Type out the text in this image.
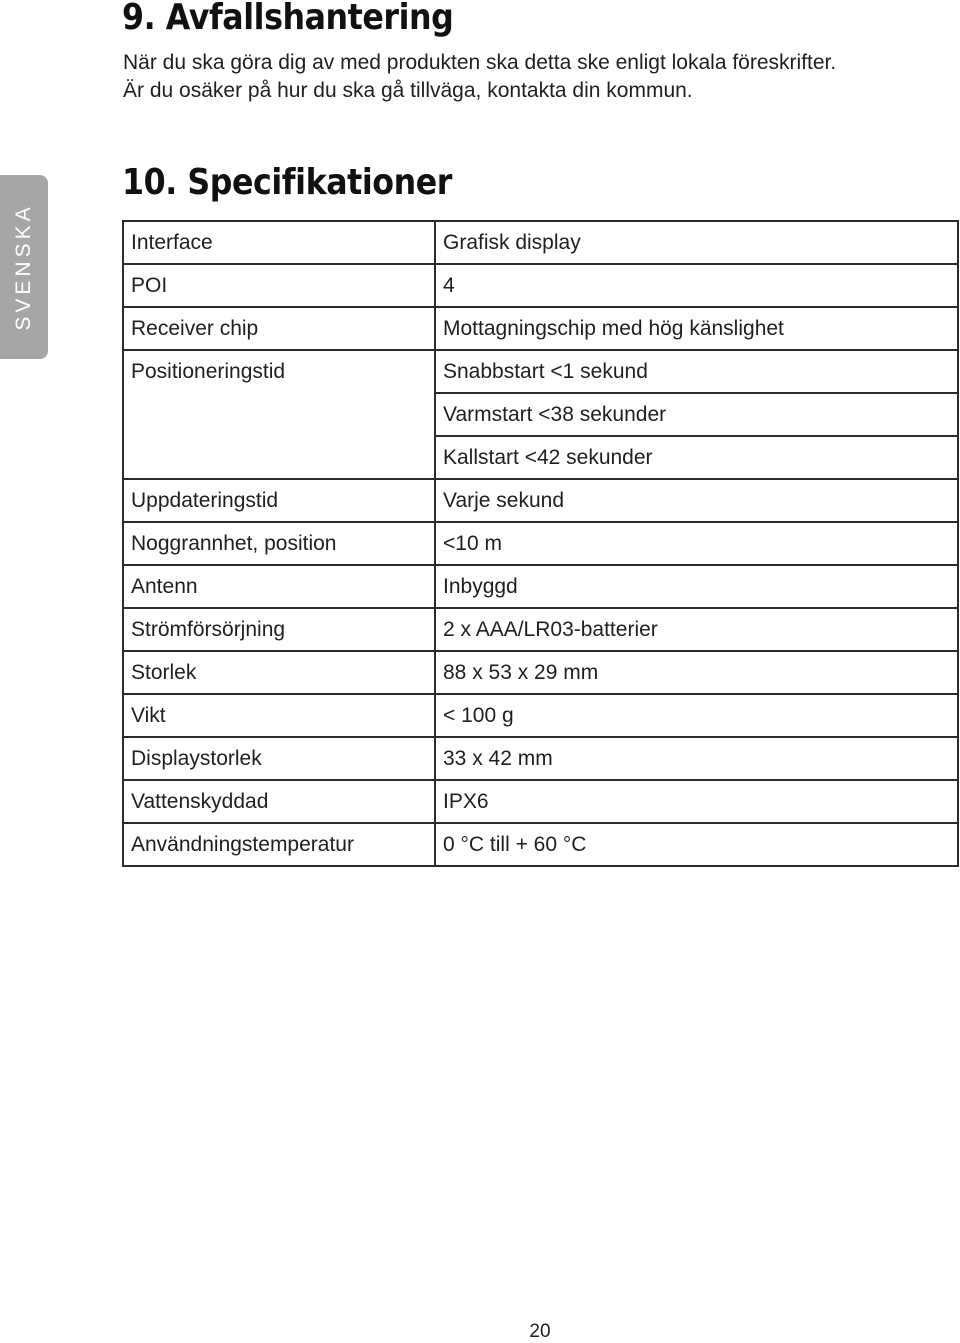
SVENSKA
9. Avfallshantering

När du ska göra dig av med produkten ska detta ske enligt lokala föreskrifter.
Är du osäker på hur du ska gå tillväga, kontakta din kommun.

10. Specifikationer
Interface	Grafisk display
POI	4
Receiver chip	Mottagningschip med hög känslighet
Positioneringstid	Snabbstart <1 sekund
	Varmstart <38 sekunder
	Kallstart <42 sekunder
Uppdateringstid	Varje sekund
Noggrannhet, position	<10 m
Antenn	Inbyggd
Strömförsörjning	2 x AAA/LR03-batterier
Storlek	88 x 53 x 29 mm
Vikt	< 100 g
Displaystorlek	33 x 42 mm
Vattenskyddad	IPX6
Användningstemperatur	0 °C till + 60 °C
20
